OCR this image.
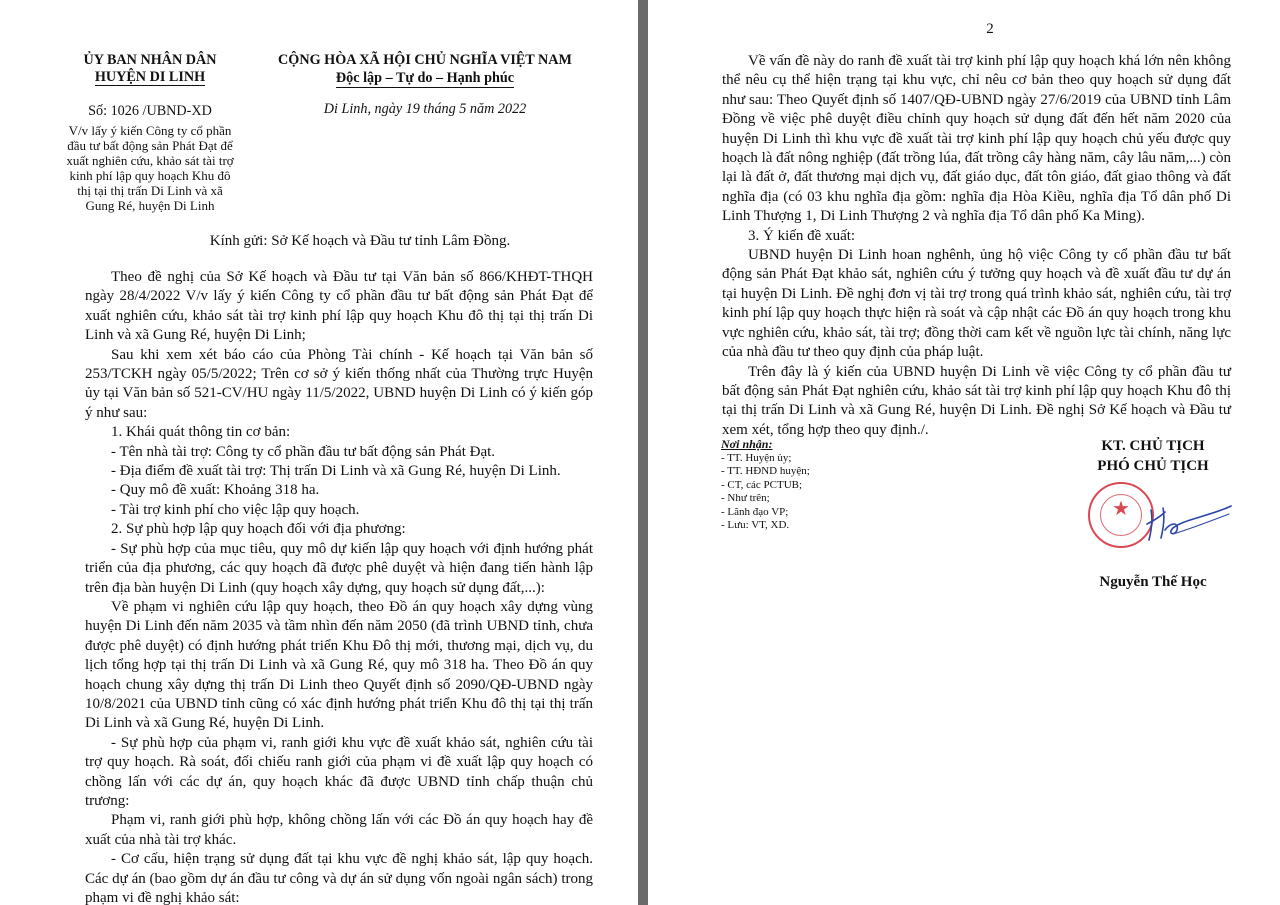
ỦY BAN NHÂN DÂN
HUYỆN DI LINH
Số: 1026 /UBND-XD
V/v lấy ý kiến Công ty cổ phần
đầu tư bất động sản Phát Đạt để
xuất nghiên cứu, khảo sát tài trợ
kinh phí lập quy hoạch Khu đô
thị tại thị trấn Di Linh và xã
Gung Ré, huyện Di Linh
CỘNG HÒA XÃ HỘI CHỦ NGHĨA VIỆT NAM
Độc lập – Tự do – Hạnh phúc
Di Linh, ngày 19 tháng 5 năm 2022
Kính gửi: Sở Kế hoạch và Đầu tư tỉnh Lâm Đồng.

Theo đề nghị của Sở Kế hoạch và Đầu tư tại Văn bản số 866/KHĐT-THQH ngày 28/4/2022 V/v lấy ý kiến Công ty cổ phần đầu tư bất động sản Phát Đạt để xuất nghiên cứu, khảo sát tài trợ kinh phí lập quy hoạch Khu đô thị tại thị trấn Di Linh và xã Gung Ré, huyện Di Linh;

Sau khi xem xét báo cáo của Phòng Tài chính - Kế hoạch tại Văn bản số 253/TCKH ngày 05/5/2022; Trên cơ sở ý kiến thống nhất của Thường trực Huyện ủy tại Văn bản số 521-CV/HU ngày 11/5/2022, UBND huyện Di Linh có ý kiến góp ý như sau:

1. Khái quát thông tin cơ bản:

- Tên nhà tài trợ: Công ty cổ phần đầu tư bất động sản Phát Đạt.

- Địa điểm đề xuất tài trợ: Thị trấn Di Linh và xã Gung Ré, huyện Di Linh.

- Quy mô đề xuất: Khoảng 318 ha.

- Tài trợ kinh phí cho việc lập quy hoạch.

2. Sự phù hợp lập quy hoạch đối với địa phương:

- Sự phù hợp của mục tiêu, quy mô dự kiến lập quy hoạch với định hướng phát triển của địa phương, các quy hoạch đã được phê duyệt và hiện đang tiến hành lập trên địa bàn huyện Di Linh (quy hoạch xây dựng, quy hoạch sử dụng đất,...):

Về phạm vi nghiên cứu lập quy hoạch, theo Đồ án quy hoạch xây dựng vùng huyện Di Linh đến năm 2035 và tầm nhìn đến năm 2050 (đã trình UBND tỉnh, chưa được phê duyệt) có định hướng phát triển Khu Đô thị mới, thương mại, dịch vụ, du lịch tổng hợp tại thị trấn Di Linh và xã Gung Ré, quy mô 318 ha. Theo Đồ án quy hoạch chung xây dựng thị trấn Di Linh theo Quyết định số 2090/QĐ-UBND ngày 10/8/2021 của UBND tỉnh cũng có xác định hướng phát triển Khu đô thị tại thị trấn Di Linh và xã Gung Ré, huyện Di Linh.

- Sự phù hợp của phạm vi, ranh giới khu vực đề xuất khảo sát, nghiên cứu tài trợ quy hoạch. Rà soát, đối chiếu ranh giới của phạm vi đề xuất lập quy hoạch có chồng lấn với các dự án, quy hoạch khác đã được UBND tỉnh chấp thuận chủ trương:

Phạm vi, ranh giới phù hợp, không chồng lấn với các Đồ án quy hoạch hay đề xuất của nhà tài trợ khác.

- Cơ cấu, hiện trạng sử dụng đất tại khu vực đề nghị khảo sát, lập quy hoạch. Các dự án (bao gồm dự án đầu tư công và dự án sử dụng vốn ngoài ngân sách) trong phạm vi đề nghị khảo sát:

2

Về vấn đề này do ranh đề xuất tài trợ kinh phí lập quy hoạch khá lớn nên không thể nêu cụ thể hiện trạng tại khu vực, chỉ nêu cơ bản theo quy hoạch sử dụng đất như sau: Theo Quyết định số 1407/QĐ-UBND ngày 27/6/2019 của UBND tỉnh Lâm Đồng về việc phê duyệt điều chỉnh quy hoạch sử dụng đất đến hết năm 2020 của huyện Di Linh thì khu vực đề xuất tài trợ kinh phí lập quy hoạch chủ yếu được quy hoạch là đất nông nghiệp (đất trồng lúa, đất trồng cây hàng năm, cây lâu năm,...) còn lại là đất ở, đất thương mại dịch vụ, đất giáo dục, đất tôn giáo, đất giao thông và đất nghĩa địa (có 03 khu nghĩa địa gồm: nghĩa địa Hòa Kiều, nghĩa địa Tổ dân phố Di Linh Thượng 1, Di Linh Thượng 2 và nghĩa địa Tổ dân phố Ka Ming).

3. Ý kiến đề xuất:

UBND huyện Di Linh hoan nghênh, ủng hộ việc Công ty cổ phần đầu tư bất động sản Phát Đạt khảo sát, nghiên cứu ý tưởng quy hoạch và đề xuất đầu tư dự án tại huyện Di Linh. Đề nghị đơn vị tài trợ trong quá trình khảo sát, nghiên cứu, tài trợ kinh phí lập quy hoạch thực hiện rà soát và cập nhật các Đồ án quy hoạch trong khu vực nghiên cứu, khảo sát, tài trợ; đồng thời cam kết về nguồn lực tài chính, năng lực của nhà đầu tư theo quy định của pháp luật.

Trên đây là ý kiến của UBND huyện Di Linh về việc Công ty cổ phần đầu tư bất động sản Phát Đạt nghiên cứu, khảo sát tài trợ kinh phí lập quy hoạch Khu đô thị tại thị trấn Di Linh và xã Gung Ré, huyện Di Linh. Đề nghị Sở Kế hoạch và Đầu tư xem xét, tổng hợp theo quy định./.

Nơi nhận:
- TT. Huyện ủy;
- TT. HĐND huyện;
- CT, các PCTUB;
- Như trên;
- Lãnh đạo VP;
- Lưu: VT, XD.
KT. CHỦ TỊCH
PHÓ CHỦ TỊCH
★
Nguyễn Thế Học
